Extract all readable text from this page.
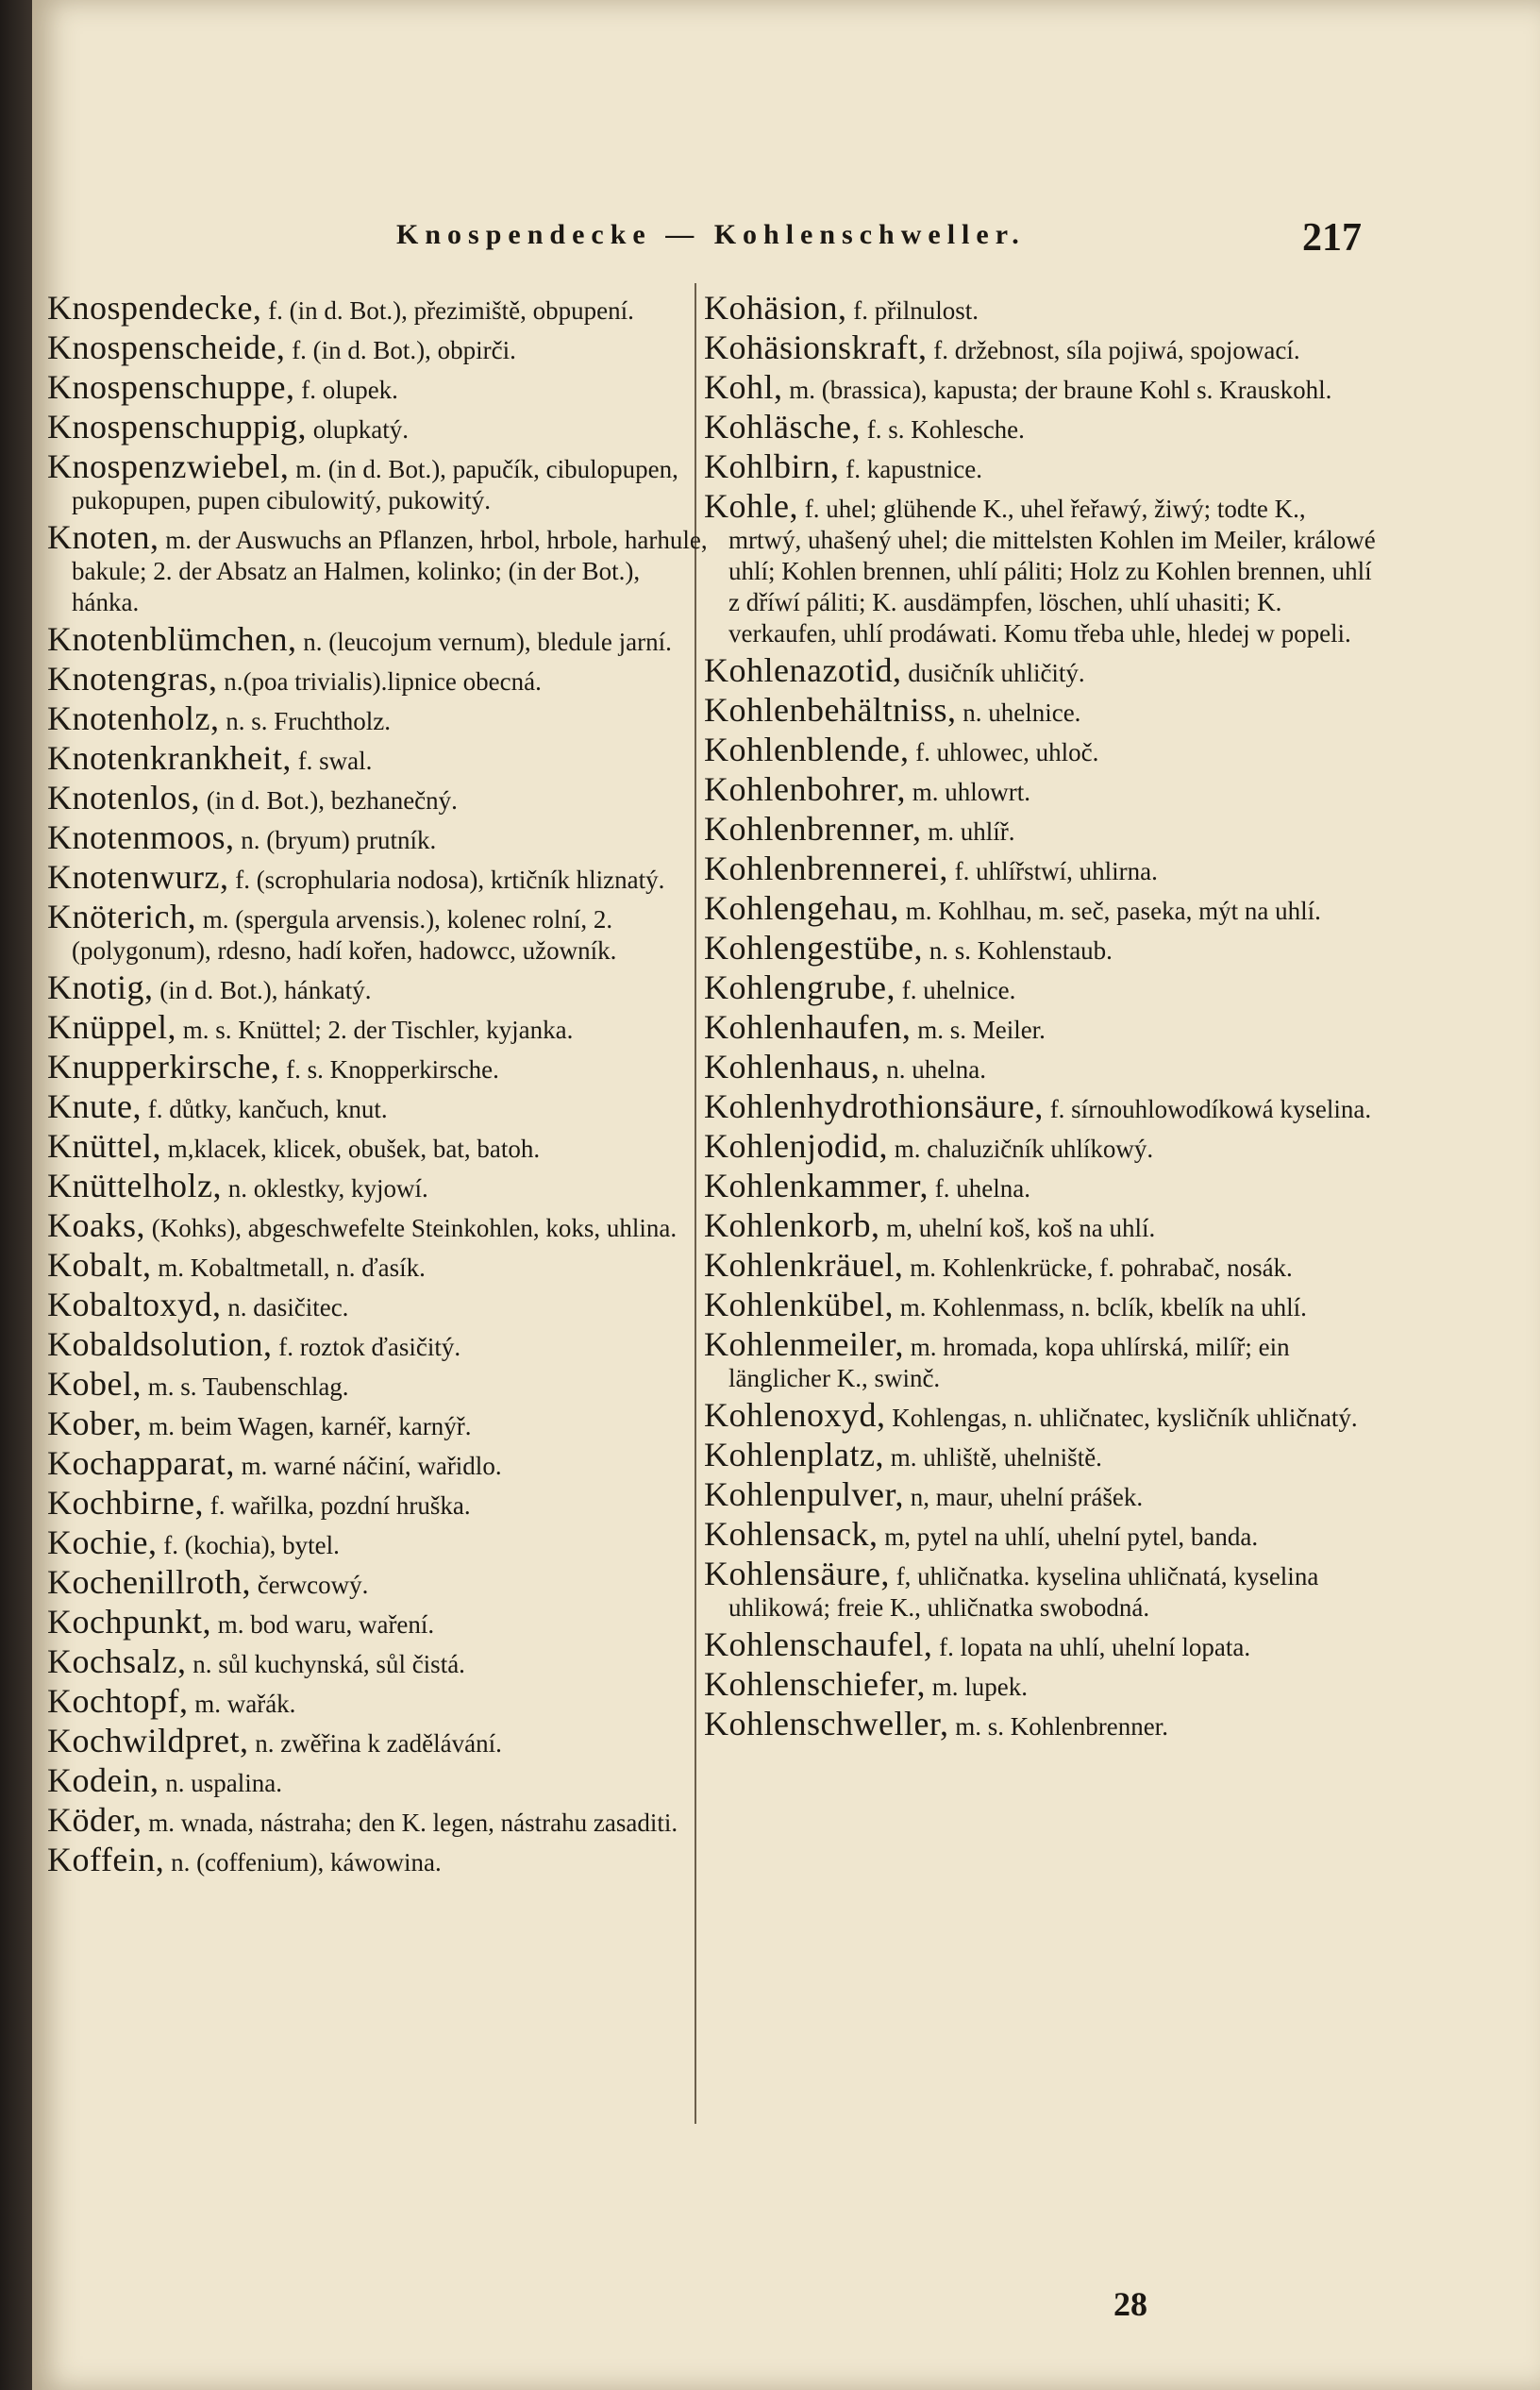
Knospendecke — Kohlenschweller.	217
Knospendecke, f. (in d. Bot.), přezimiště, obpupení.
Knospenscheide, f. (in d. Bot.), obpirči.
Knospenschuppe, f. olupek.
Knospenschuppig, olupkatý.
Knospenzwiebel, m. (in d. Bot.), papučík, cibulopupen, pukopupen, pupen cibulowitý, pukowitý.
Knoten, m. der Auswuchs an Pflanzen, hrbol, hrbole, harhule, bakule; 2. der Absatz an Halmen, kolinko; (in der Bot.), hánka.
Knotenblümchen, n. (leucojum vernum), bledule jarní.
Knotengras, n.(poa trivialis).lipnice obecná.
Knotenholz, n. s. Fruchtholz.
Knotenkrankheit, f. swal.
Knotenlos, (in d. Bot.), bezhanečný.
Knotenmoos, n. (bryum) prutník.
Knotenwurz, f. (scrophularia nodosa), krtičník hliznatý.
Knöterich, m. (spergula arvensis.), kolenec rolní, 2. (polygonum), rdesno, hadí kořen, hadowcc, užowník.
Knotig, (in d. Bot.), hánkatý.
Knüppel, m. s. Knüttel; 2. der Tischler, kyjanka.
Knupperkirsche, f. s. Knopperkirsche.
Knute, f. důtky, kančuch, knut.
Knüttel, m,klacek, klicek, obušek, bat, batoh.
Knüttelholz, n. oklestky, kyjowí.
Koaks, (Kohks), abgeschwefelte Steinkohlen, koks, uhlina.
Kobalt, m. Kobaltmetall, n. ďasík.
Kobaltoxyd, n. dasičitec.
Kobaldsolution, f. roztok ďasičitý.
Kobel, m. s. Taubenschlag.
Kober, m. beim Wagen, karnéř, karnýř.
Kochapparat, m. warné náčiní, wařidlo.
Kochbirne, f. wařilka, pozdní hruška.
Kochie, f. (kochia), bytel.
Kochenillroth, čerwcowý.
Kochpunkt, m. bod waru, waření.
Kochsalz, n. sůl kuchynská, sůl čistá.
Kochtopf, m. wařák.
Kochwildpret, n. zwěřina k zadělávání.
Kodein, n. uspalina.
Köder, m. wnada, nástraha; den K. legen, nástrahu zasaditi.
Koffein, n. (coffenium), káwowina.
Kohäsion, f. přilnulost.
Kohäsionskraft, f. držebnost, síla pojiwá, spojowací.
Kohl, m. (brassica), kapusta; der braune Kohl s. Krauskohl.
Kohläsche, f. s. Kohlesche.
Kohlbirn, f. kapustnice.
Kohle, f. uhel; glühende K., uhel řeřawý, žiwý; todte K., mrtwý, uhašený uhel; die mittelsten Kohlen im Meiler, králowé uhlí; Kohlen brennen, uhlí páliti; Holz zu Kohlen brennen, uhlí z dříwí páliti; K. ausdämpfen, löschen, uhlí uhasiti; K. verkaufen, uhlí prodáwati. Komu třeba uhle, hledej w popeli.
Kohlenazotid, dusičník uhličitý.
Kohlenbehältniss, n. uhelnice.
Kohlenblende, f. uhlowec, uhloč.
Kohlenbohrer, m. uhlowrt.
Kohlenbrenner, m. uhlíř.
Kohlenbrennerei, f. uhlířstwí, uhlirna.
Kohlengehau, m. Kohlhau, m. seč, paseka, mýt na uhlí.
Kohlengestübe, n. s. Kohlenstaub.
Kohlengrube, f. uhelnice.
Kohlenhaufen, m. s. Meiler.
Kohlenhaus, n. uhelna.
Kohlenhydrothionsäure, f. sírnouhlowodíkowá kyselina.
Kohlenjodid, m. chaluzičník uhlíkowý.
Kohlenkammer, f. uhelna.
Kohlenkorb, m, uhelní koš, koš na uhlí.
Kohlenkräuel, m. Kohlenkrücke, f. pohrabač, nosák.
Kohlenkübel, m. Kohlenmass, n. bclík, kbelík na uhlí.
Kohlenmeiler, m. hromada, kopa uhlírská, milíř; ein länglicher K., swinč.
Kohlenoxyd, Kohlengas, n. uhličnatec, kysličník uhličnatý.
Kohlenplatz, m. uhliště, uhelniště.
Kohlenpulver, n, maur, uhelní prášek.
Kohlensack, m, pytel na uhlí, uhelní pytel, banda.
Kohlensäure, f, uhličnatka. kyselina uhličnatá, kyselina uhlikowá; freie K., uhličnatka swobodná.
Kohlenschaufel, f. lopata na uhlí, uhelní lopata.
Kohlenschiefer, m. lupek.
Kohlenschweller, m. s. Kohlenbrenner.
28
